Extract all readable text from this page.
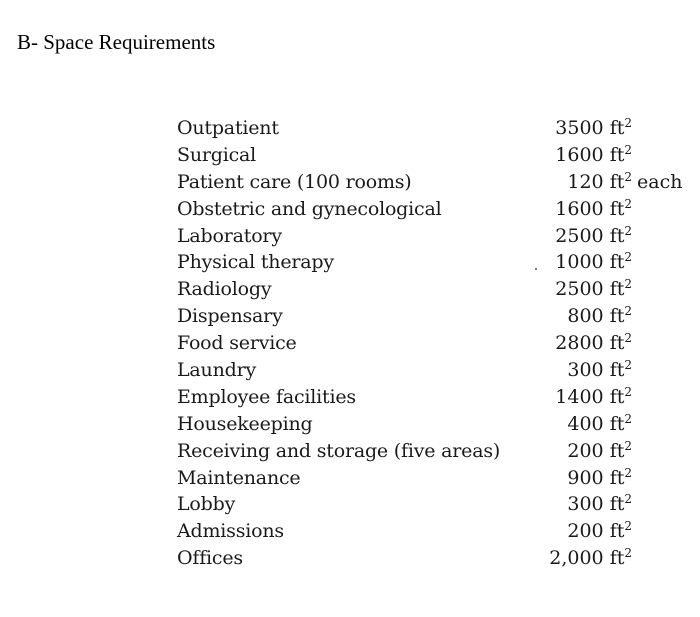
B- Space Requirements
Outpatient	3500 $ft^2$
Surgical	1600 $ft^2$
Patient care (100 rooms)	120 $ft^2$ each
Obstetric and gynecological	1600 $ft^2$
Laboratory	2500 $ft^2$
Physical therapy	1000 $ft^2$
Radiology	2500 $ft^2$
Dispensary	800 $ft^2$
Food service	2800 $ft^2$
Laundry	300 $ft^2$
Employee facilities	1400 $ft^2$
Housekeeping	400 $ft^2$
Receiving and storage (five areas)	200 $ft^2$
Maintenance	900 $ft^2$
Lobby	300 $ft^2$
Admissions	200 $ft^2$
Offices	2,000 $ft^2$
